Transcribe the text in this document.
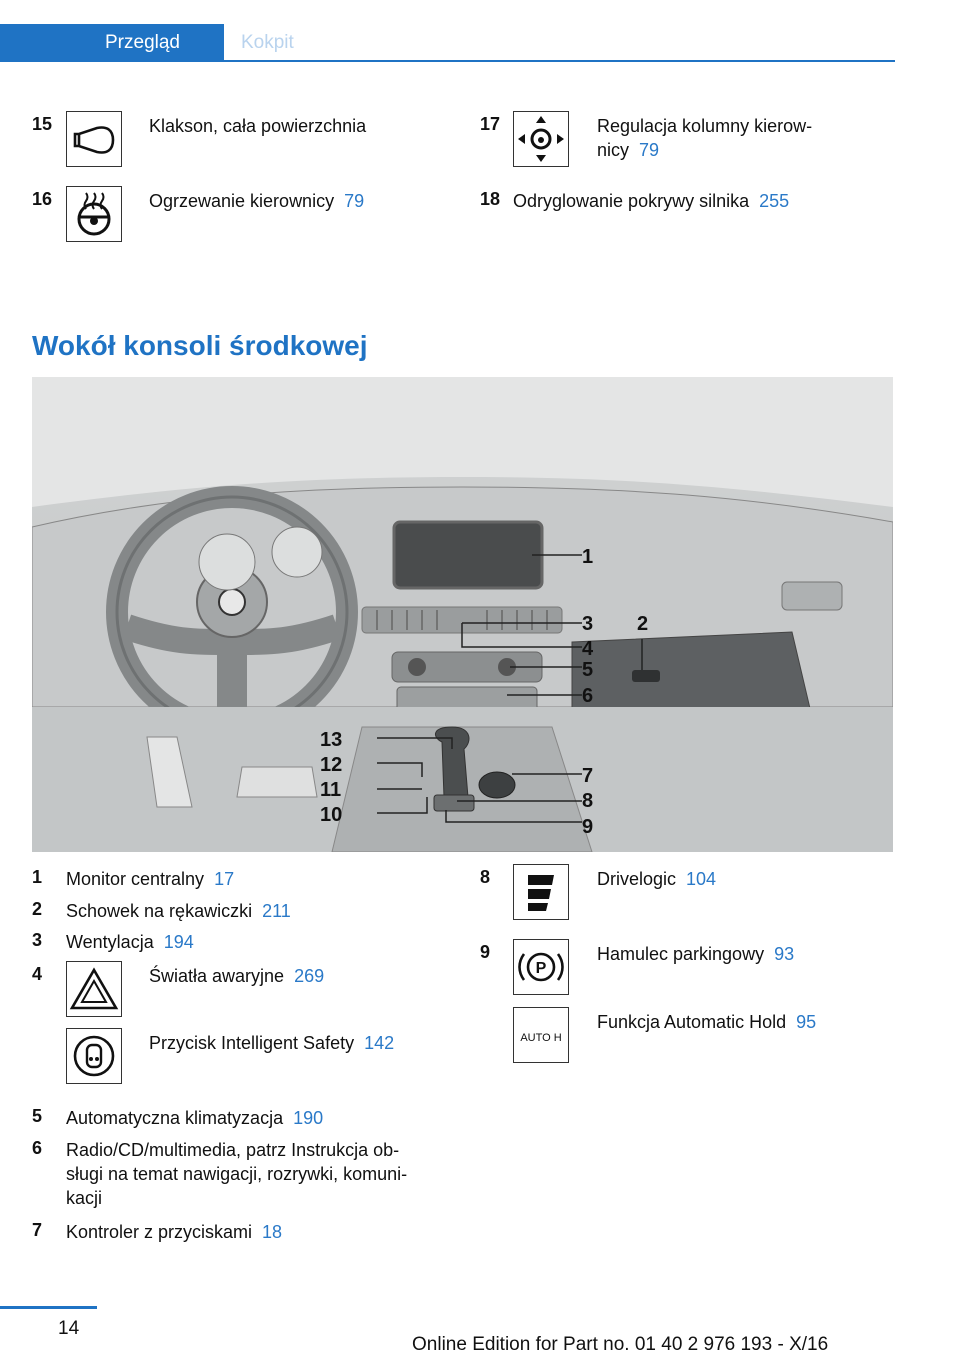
Przegląd	Kokpit
15	Klakson, cała powierzchnia
16	Ogrzewanie kierownicy 79
17	Regulacja kolumny kierow‐
nicy 79
18 Odryglowanie pokrywy silnika 255
Wokół konsoli środkowej
1
2
3
4
5
6
7
8
9
10
11
12
13
1 Monitor centralny 17
2 Schowek na rękawiczki 211
3 Wentylacja 194
4	Światła awaryjne 269
Przycisk Intelligent Safety 142
5 Automatyczna klimatyzacja 190
6 Radio/CD/multimedia, patrz Instrukcja ob‐
sługi na temat nawigacji, rozrywki, komuni‐
kacji
7 Kontroler z przyciskami 18
8	Drivelogic 104
9
P
Hamulec parkingowy 93
AUTO H
Funkcja Automatic Hold 95
14
Online Edition for Part no. 01 40 2 976 193 - X/16
